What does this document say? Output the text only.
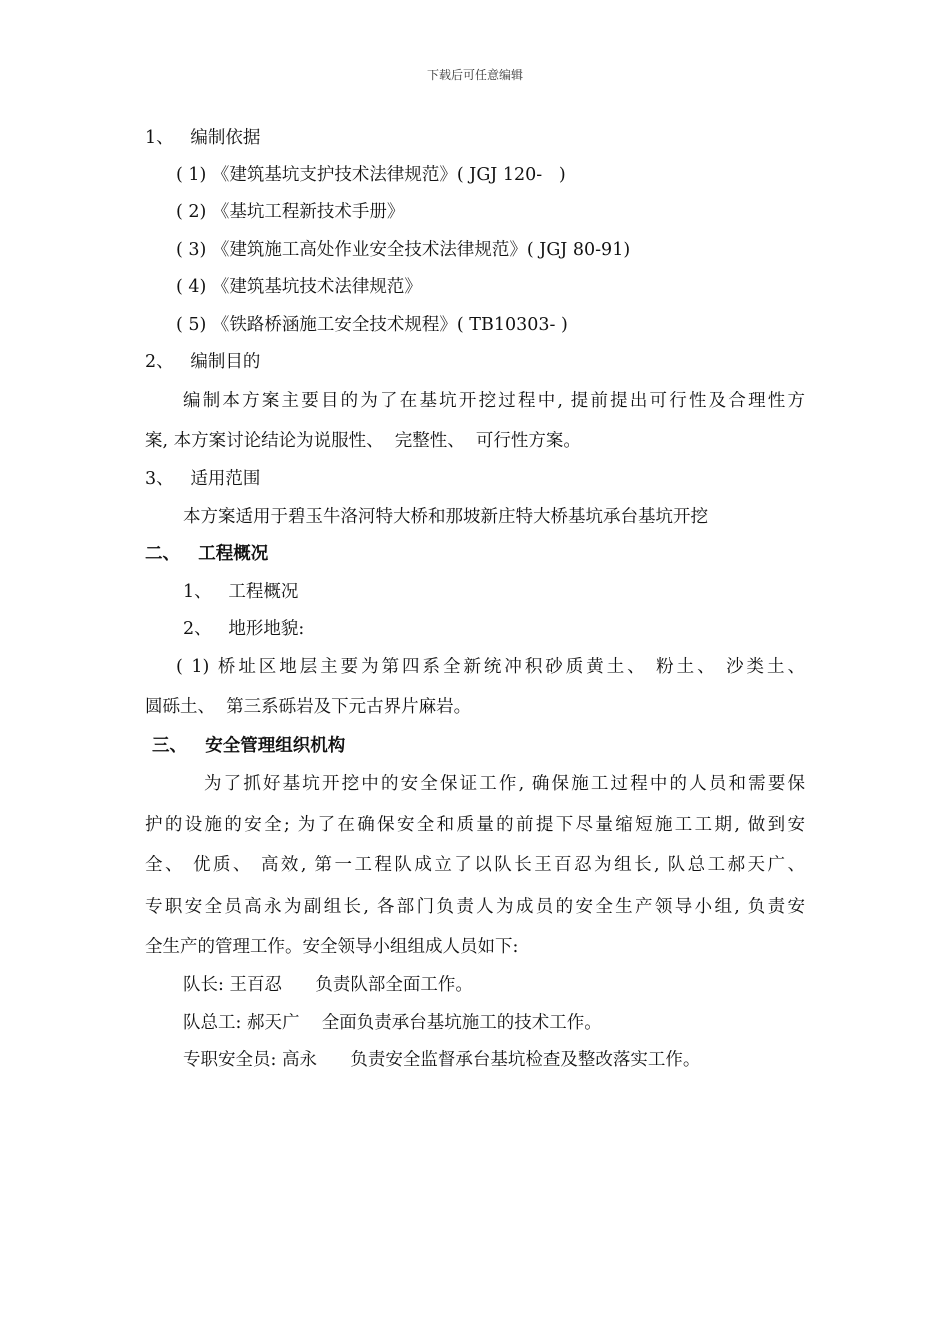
下载后可任意编辑
1、   编制依据
( 1) 《建筑基坑支护技术法律规范》( JGJ 120-   )
( 2) 《基坑工程新技术手册》
( 3) 《建筑施工高处作业安全技术法律规范》( JGJ 80-91)
( 4) 《建筑基坑技术法律规范》
( 5) 《铁路桥涵施工安全技术规程》( TB10303- )
2、   编制目的
编制本方案主要目的为了在基坑开挖过程中, 提前提出可行性及合理性方
案, 本方案讨论结论为说服性、  完整性、  可行性方案。
3、   适用范围
本方案适用于碧玉牛洛河特大桥和那坡新庄特大桥基坑承台基坑开挖
二、   工程概况
1、   工程概况
2、   地形地貌:
( 1) 桥址区地层主要为第四系全新统冲积砂质黄土、 粉土、 沙类土、
圆砾土、  第三系砾岩及下元古界片麻岩。
三、   安全管理组织机构
为了抓好基坑开挖中的安全保证工作, 确保施工过程中的人员和需要保
护的设施的安全; 为了在确保安全和质量的前提下尽量缩短施工工期, 做到安
全、 优质、 高效, 第一工程队成立了以队长王百忍为组长, 队总工郝天广、
专职安全员高永为副组长, 各部门负责人为成员的安全生产领导小组, 负责安
全生产的管理工作。安全领导小组组成人员如下:
队长: 王百忍      负责队部全面工作。
队总工: 郝天广    全面负责承台基坑施工的技术工作。
专职安全员: 高永      负责安全监督承台基坑检查及整改落实工作。
